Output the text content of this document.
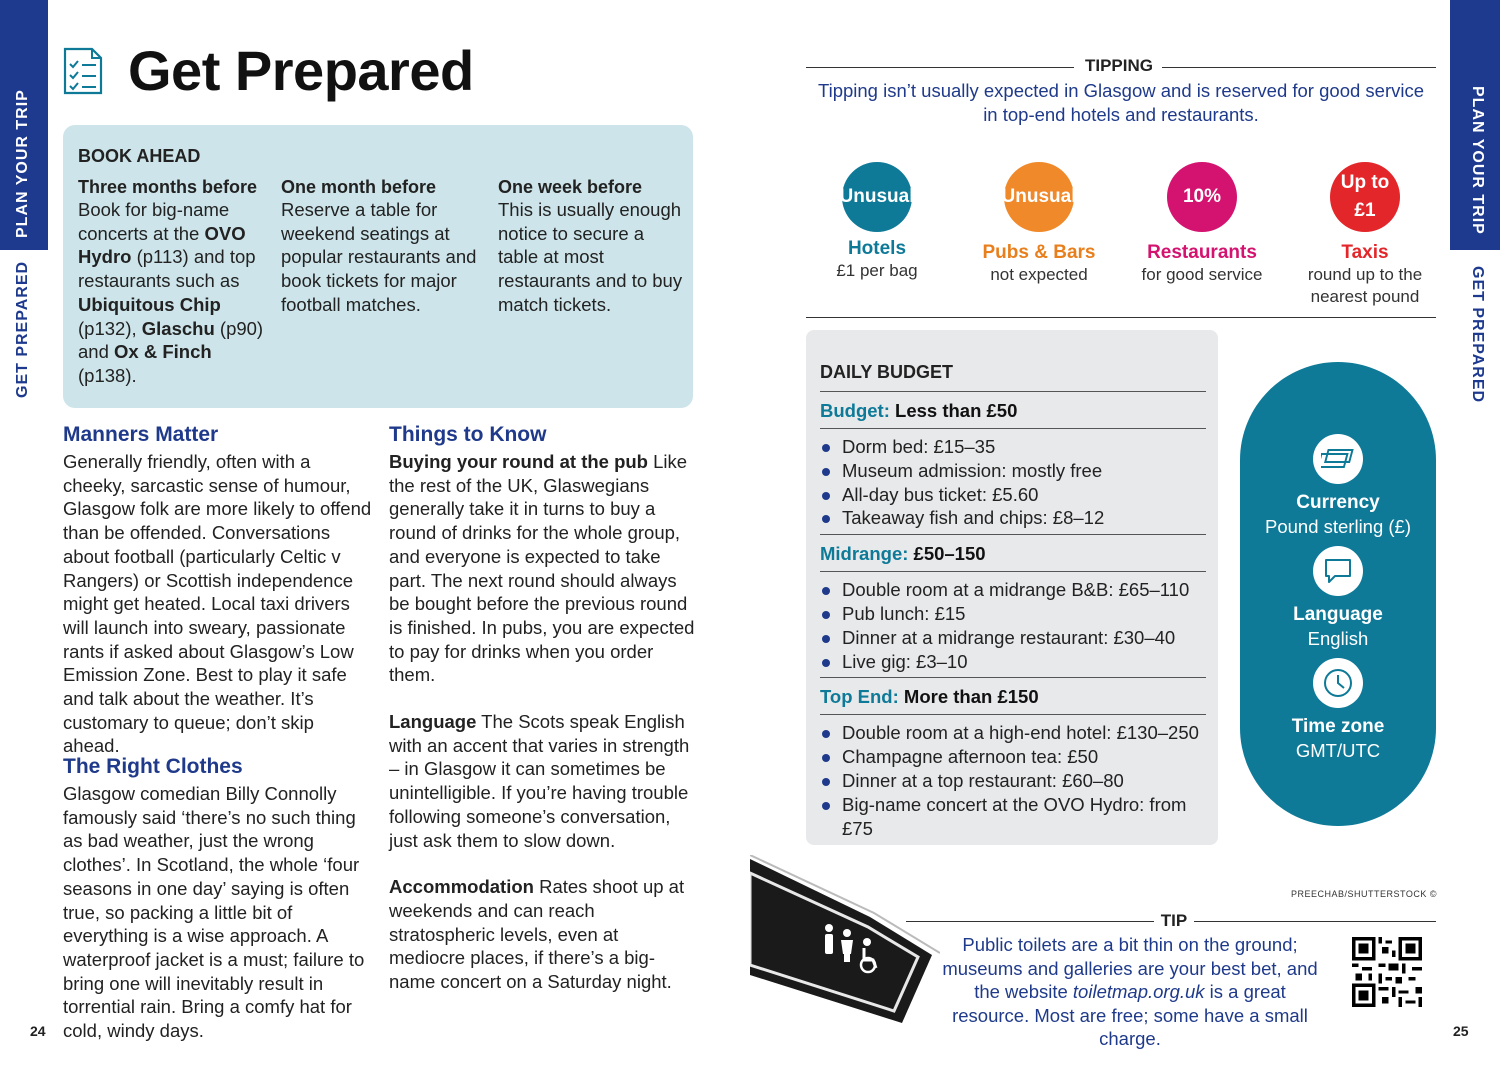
PLAN YOUR TRIP
GET PREPARED
PLAN YOUR TRIP
GET PREPARED
Get Prepared
BOOK AHEAD
Three months before
Book for big-name concerts at the OVO Hydro (p113) and top restaurants such as Ubiquitous Chip (p132), Glaschu (p90) and Ox & Finch (p138).
One month before
Reserve a table for weekend seatings at popular restaurants and book tickets for major football matches.
One week before
This is usually enough notice to secure a table at most restaurants and to buy match tickets.
Manners Matter
Generally friendly, often with a cheeky, sarcastic sense of humour, Glasgow folk are more likely to offend than be offended. Conversations about football (particularly Celtic v Rangers) or Scottish independence might get heated. Local taxi drivers will launch into sweary, passionate rants if asked about Glasgow’s Low Emission Zone. Best to play it safe and talk about the weather. It’s customary to queue; don’t skip ahead.
The Right Clothes
Glasgow comedian Billy Connolly famously said ‘there’s no such thing as bad weather, just the wrong clothes’. In Scotland, the whole ‘four seasons in one day’ saying is often true, so packing a little bit of everything is a wise approach. A waterproof jacket is a must; failure to bring one will inevitably result in torrential rain. Bring a comfy hat for cold, windy days.
Things to Know
Buying your round at the pub Like the rest of the UK, Glaswegians generally take it in turns to buy a round of drinks for the whole group, and everyone is expected to take part. The next round should always be bought before the previous round is finished. In pubs, you are expected to pay for drinks when you order them.
Language The Scots speak English with an accent that varies in strength – in Glasgow it can sometimes be unintelligible. If you’re having trouble following someone’s conversation, just ask them to slow down.
Accommodation Rates shoot up at weekends and can reach stratospheric levels, even at mediocre places, if there’s a big-name concert on a Saturday night.
TIPPING
Tipping isn’t usually expected in Glasgow and is reserved for good service in top-end hotels and restaurants.
Unusual
Hotels
£1 per bag
Unusual
Pubs & Bars
not expected
10%
Restaurants
for good service
Up to
£1
Taxis
round up to the nearest pound
DAILY BUDGET
Budget: Less than £50
Dorm bed: £15–35
Museum admission: mostly free
All-day bus ticket: £5.60
Takeaway fish and chips: £8–12
Midrange: £50–150
Double room at a midrange B&B: £65–110
Pub lunch: £15
Dinner at a midrange restaurant: £30–40
Live gig: £3–10
Top End: More than £150
Double room at a high-end hotel: £130–250
Champagne afternoon tea: £50
Dinner at a top restaurant: £60–80
Big-name concert at the OVO Hydro: from £75
Currency
Pound sterling (£)
Language
English
Time zone
GMT/UTC
PREECHAB/SHUTTERSTOCK ©
TIP
Public toilets are a bit thin on the ground; museums and galleries are your best bet, and the website toiletmap.org.uk is a great resource. Most are free; some have a small charge.
24	25
